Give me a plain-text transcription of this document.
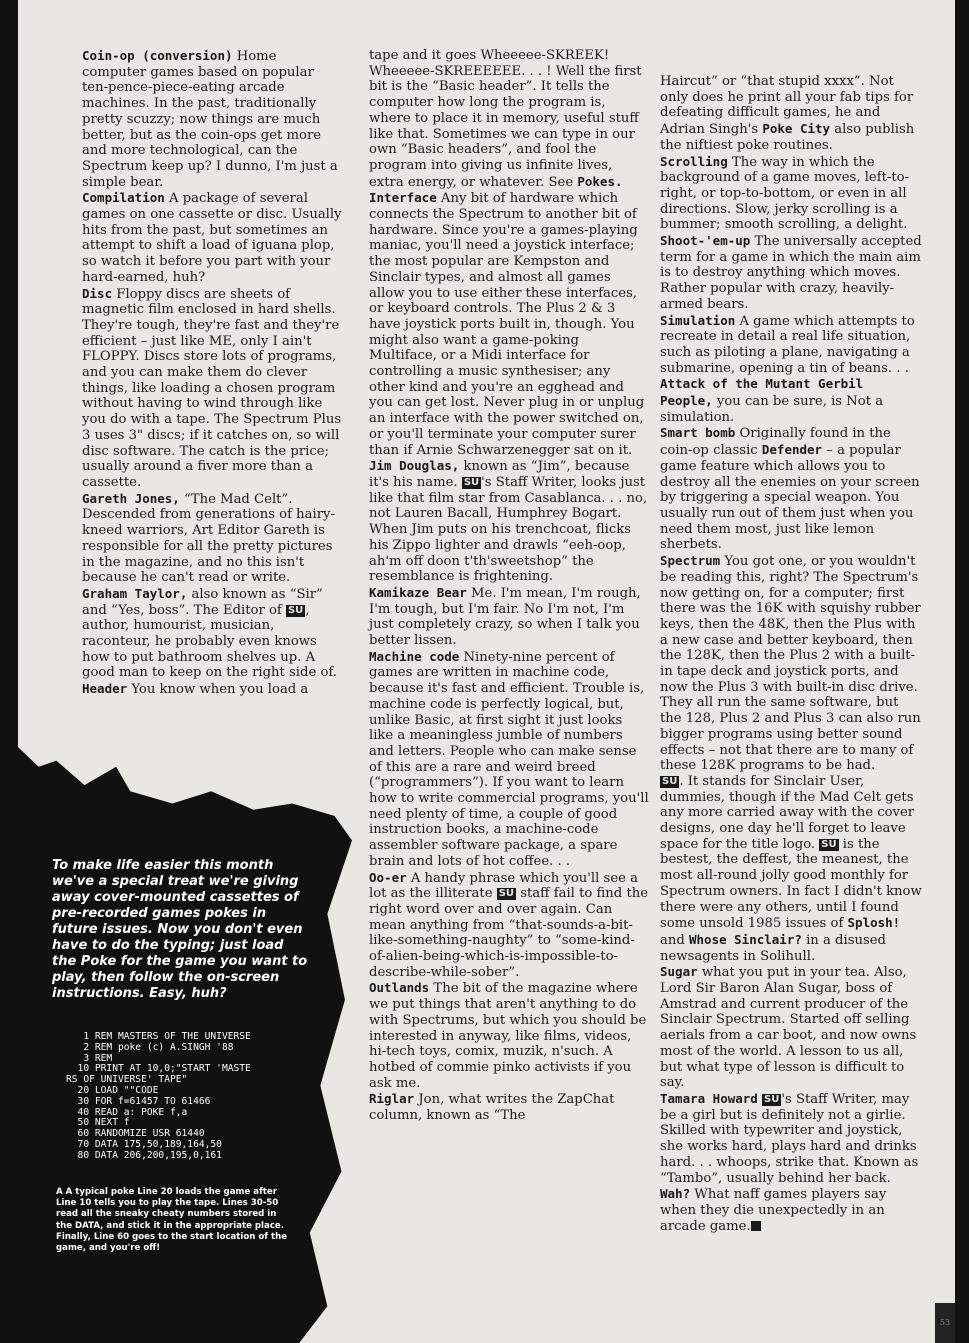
53

Coin-op (conversion) Home computer games based on popular ten-pence-piece-eating arcade machines. In the past, traditionally pretty scuzzy; now things are much better, but as the coin-ops get more and more technological, can the Spectrum keep up? I dunno, I'm just a simple bear.

Compilation A package of several games on one cassette or disc. Usually hits from the past, but sometimes an attempt to shift a load of iguana plop, so watch it before you part with your hard-earned, huh?

Disc Floppy discs are sheets of magnetic film enclosed in hard shells. They're tough, they're fast and they're efficient – just like ME, only I ain't FLOPPY. Discs store lots of programs, and you can make them do clever things, like loading a chosen program without having to wind through like you do with a tape. The Spectrum Plus 3 uses 3" discs; if it catches on, so will disc software. The catch is the price; usually around a fiver more than a cassette.

Gareth Jones, “The Mad Celt”. Descended from generations of hairy-kneed warriors, Art Editor Gareth is responsible for all the pretty pictures in the magazine, and no this isn't because he can't read or write.

Graham Taylor, also known as “Sir” and “Yes, boss”. The Editor of SU , author, humourist, musician, raconteur, he probably even knows how to put bathroom shelves up. A good man to keep on the right side of.

Header You know when you load a

tape and it goes Wheeeee-SKREEK! Wheeeee-SKREEEEEE. . . ! Well the first bit is the “Basic header”. It tells the computer how long the program is, where to place it in memory, useful stuff like that. Sometimes we can type in our own “Basic headers”, and fool the program into giving us infinite lives, extra energy, or whatever. See Pokes.

Interface Any bit of hardware which connects the Spectrum to another bit of hardware. Since you're a games-playing maniac, you'll need a joystick interface; the most popular are Kempston and Sinclair types, and almost all games allow you to use either these interfaces, or keyboard controls. The Plus 2 & 3 have joystick ports built in, though. You might also want a game-poking Multiface, or a Midi interface for controlling a music synthesiser; any other kind and you're an egghead and you can get lost. Never plug in or unplug an interface with the power switched on, or you'll terminate your computer surer than if Arnie Schwarzenegger sat on it.

Jim Douglas, known as “Jim”, because it's his name. SU 's Staff Writer, looks just like that film star from Casablanca. . . no, not Lauren Bacall, Humphrey Bogart. When Jim puts on his trenchcoat, flicks his Zippo lighter and drawls “eeh-oop, ah'm off doon t'th'sweetshop” the resemblance is frightening.

Kamikaze Bear Me. I'm mean, I'm rough, I'm tough, but I'm fair. No I'm not, I'm just completely crazy, so when I talk you better lissen.

Machine code Ninety-nine percent of games are written in machine code, because it's fast and efficient. Trouble is, machine code is perfectly logical, but, unlike Basic, at first sight it just looks like a meaningless jumble of numbers and letters. People who can make sense of this are a rare and weird breed (“programmers”). If you want to learn how to write commercial programs, you'll need plenty of time, a couple of good instruction books, a machine-code assembler software package, a spare brain and lots of hot coffee. . .

Oo-er A handy phrase which you'll see a lot as the illiterate SU staff fail to find the right word over and over again. Can mean anything from “that-sounds-a-bit-like-something-naughty” to “some-kind-of-alien-being-which-is-impossible-to-describe-while-sober”.

Outlands The bit of the magazine where we put things that aren't anything to do with Spectrums, but which you should be interested in anyway, like films, videos, hi-tech toys, comix, muzik, n'such. A hotbed of commie pinko activists if you ask me.

Riglar Jon, what writes the ZapChat column, known as “The

Haircut” or “that stupid xxxx”. Not only does he print all your fab tips for defeating difficult games, he and Adrian Singh's Poke City also publish the niftiest poke routines.

Scrolling The way in which the background of a game moves, left-to-right, or top-to-bottom, or even in all directions. Slow, jerky scrolling is a bummer; smooth scrolling, a delight.

Shoot-'em-up The universally accepted term for a game in which the main aim is to destroy anything which moves. Rather popular with crazy, heavily-armed bears.

Simulation A game which attempts to recreate in detail a real life situation, such as piloting a plane, navigating a submarine, opening a tin of beans. . . Attack of the Mutant Gerbil People, you can be sure, is Not a simulation.

Smart bomb Originally found in the coin-op classic Defender – a popular game feature which allows you to destroy all the enemies on your screen by triggering a special weapon. You usually run out of them just when you need them most, just like lemon sherbets.

Spectrum You got one, or you wouldn't be reading this, right? The Spectrum's now getting on, for a computer; first there was the 16K with squishy rubber keys, then the 48K, then the Plus with a new case and better keyboard, then the 128K, then the Plus 2 with a built-in tape deck and joystick ports, and now the Plus 3 with built-in disc drive. They all run the same software, but the 128, Plus 2 and Plus 3 can also run bigger programs using better sound effects – not that there are to many of these 128K programs to be had.

SU . It stands for Sinclair User, dummies, though if the Mad Celt gets any more carried away with the cover designs, one day he'll forget to leave space for the title logo. SU is the bestest, the deffest, the meanest, the most all-round jolly good monthly for Spectrum owners. In fact I didn't know there were any others, until I found some unsold 1985 issues of Splosh! and Whose Sinclair? in a disused newsagents in Solihull.

Sugar what you put in your tea. Also, Lord Sir Baron Alan Sugar, boss of Amstrad and current producer of the Sinclair Spectrum. Started off selling aerials from a car boot, and now owns most of the world. A lesson to us all, but what type of lesson is difficult to say.

Tamara Howard SU 's Staff Writer, may be a girl but is definitely not a girlie. Skilled with typewriter and joystick, she works hard, plays hard and drinks hard. . . whoops, strike that. Known as “Tambo”, usually behind her back.

Wah? What naff games players say when they die unexpectedly in an arcade game.

To make life easier this month we've a special treat we're giving away cover-mounted cassettes of pre-recorded games pokes in future issues. Now you don't even have to do the typing; just load the Poke for the game you want to play, then follow the on-screen instructions. Easy, huh?
1 REM MASTERS OF THE UNIVERSE
2 REM poke (c) A.SINGH '88
3 REM
10 PRINT AT 10,0;"START 'MASTE
RS OF UNIVERSE' TAPE"
20 LOAD ""CODE
30 FOR f=61457 TO 61466
40 READ a: POKE f,a
50 NEXT f
60 RANDOMIZE USR 61440
70 DATA 175,50,189,164,50
80 DATA 206,200,195,0,161
A A typical poke Line 20 loads the game after Line 10 tells you to play the tape. Lines 30-50 read all the sneaky cheaty numbers stored in the DATA, and stick it in the appropriate place. Finally, Line 60 goes to the start location of the game, and you're off!
